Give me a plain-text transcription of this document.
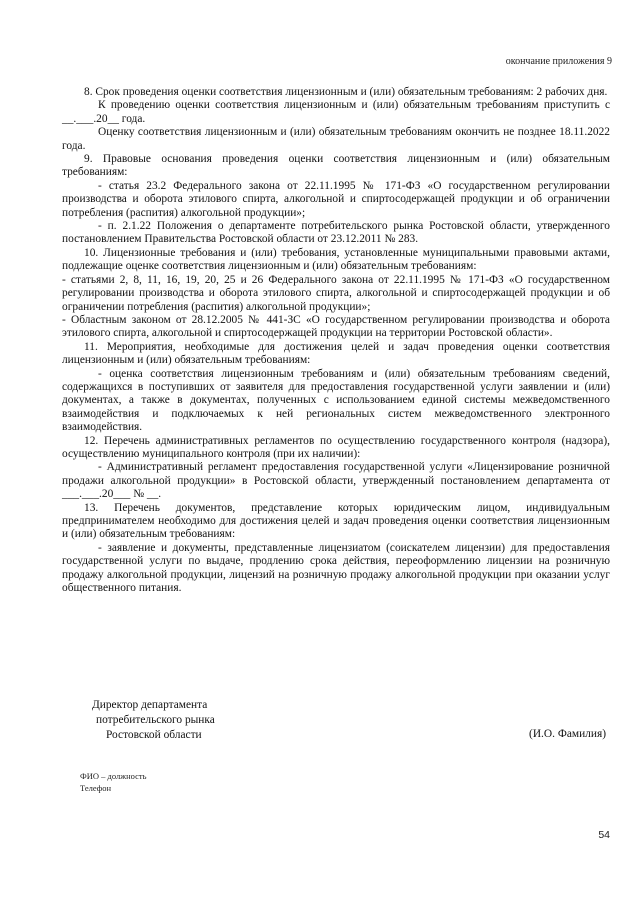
окончание приложения 9

8. Срок проведения оценки соответствия лицензионным и (или) обязательным требованиям: 2 рабочих дня.

К проведению оценки соответствия лицензионным и (или) обязательным требованиям приступить с __.___.20__ года.

Оценку соответствия лицензионным и (или) обязательным требованиям окончить не позднее 18.11.2022 года.

9. Правовые основания проведения оценки соответствия лицензионным и (или) обязательным требованиям:

- статья 23.2 Федерального закона от 22.11.1995 № 171-ФЗ «О государственном регулировании производства и оборота этилового спирта, алкогольной и спиртосодержащей продукции и об ограничении потребления (распития) алкогольной продукции»;

- п. 2.1.22 Положения о департаменте потребительского рынка Ростовской области, утвержденного постановлением Правительства Ростовской области от 23.12.2011 № 283.

10. Лицензионные требования и (или) требования, установленные муниципальными правовыми актами, подлежащие оценке соответствия лицензионным и (или) обязательным требованиям:

- статьями 2, 8, 11, 16, 19, 20, 25 и 26 Федерального закона от 22.11.1995 № 171-ФЗ «О государственном регулировании производства и оборота этилового спирта, алкогольной и спиртосодержащей продукции и об ограничении потребления (распития) алкогольной продукции»;

- Областным законом от 28.12.2005 № 441-ЗС «О государственном регулировании производства и оборота этилового спирта, алкогольной и спиртосодержащей продукции на территории Ростовской области».

11. Мероприятия, необходимые для достижения целей и задач проведения оценки соответствия лицензионным и (или) обязательным требованиям:

- оценка соответствия лицензионным требованиям и (или) обязательным требованиям сведений, содержащихся в поступивших от заявителя для предоставления государственной услуги заявлении и (или) документах, а также в документах, полученных с использованием единой системы межведомственного взаимодействия и подключаемых к ней региональных систем межведомственного электронного взаимодействия.

12. Перечень административных регламентов по осуществлению государственного контроля (надзора), осуществлению муниципального контроля (при их наличии):

- Административный регламент предоставления государственной услуги «Лицензирование розничной продажи алкогольной продукции» в Ростовской области, утвержденный постановлением департамента от ___.___.20___ № __.

13. Перечень документов, представление которых юридическим лицом, индивидуальным предпринимателем необходимо для достижения целей и задач проведения оценки соответствия лицензионным и (или) обязательным требованиям:

- заявление и документы, представленные лицензиатом (соискателем лицензии) для предоставления государственной услуги по выдаче, продлению срока действия, переоформлению лицензии на розничную продажу алкогольной продукции, лицензий на розничную продажу алкогольной продукции при оказании услуг общественного питания.

Директор департамента
потребительского рынка
Ростовской области	(И.О. Фамилия)
ФИО – должность
Телефон
54
